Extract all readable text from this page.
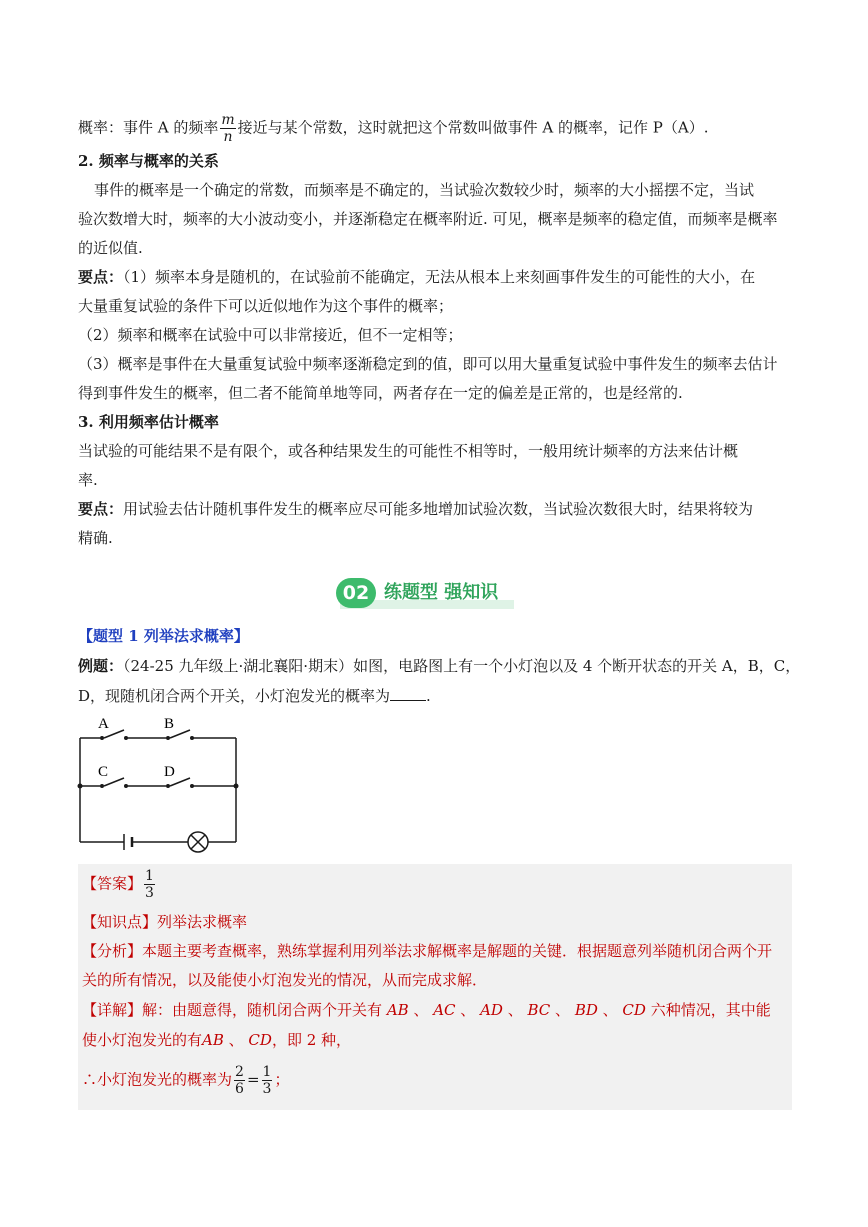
概率：事件 A 的频率 $\frac{m}{n}$ 接近与某个常数，这时就把这个常数叫做事件 A 的概率，记作 P（A）.
2. 频率与概率的关系
事件的概率是一个确定的常数，而频率是不确定的，当试验次数较少时，频率的大小摇摆不定，当试
验次数增大时，频率的大小波动变小，并逐渐稳定在概率附近. 可见，概率是频率的稳定值，而频率是概率
的近似值.
要点：（1）频率本身是随机的，在试验前不能确定，无法从根本上来刻画事件发生的可能性的大小，在
大量重复试验的条件下可以近似地作为这个事件的概率；
（2）频率和概率在试验中可以非常接近，但不一定相等；
（3）概率是事件在大量重复试验中频率逐渐稳定到的值，即可以用大量重复试验中事件发生的频率去估计
得到事件发生的概率，但二者不能简单地等同，两者存在一定的偏差是正常的，也是经常的.
3. 利用频率估计概率
当试验的可能结果不是有限个，或各种结果发生的可能性不相等时，一般用统计频率的方法来估计概
率.
要点：用试验去估计随机事件发生的概率应尽可能多地增加试验次数，当试验次数很大时，结果将较为
精确.
02 练题型 强知识
【题型 1 列举法求概率】
例题：（24-25 九年级上·湖北襄阳·期末）如图，电路图上有一个小灯泡以及 4 个断开状态的开关 A，B，C，
D，现随机闭合两个开关，小灯泡发光的概率为 .
A	B
C	D
【答案】 $\frac{1}{3}$
【知识点】列举法求概率
【分析】本题主要考查概率，熟练掌握利用列举法求解概率是解题的关键．根据题意列举随机闭合两个开
关的所有情况，以及能使小灯泡发光的情况，从而完成求解．
【详解】解：由题意得，随机闭合两个开关有 AB 、 AC 、 AD 、 BC 、 BD 、 CD 六种情况，其中能
使小灯泡发光的有AB 、 CD，即 2 种，
∴小灯泡发光的概率为 $\frac{2}{6} = \frac{1}{3}$ ；
